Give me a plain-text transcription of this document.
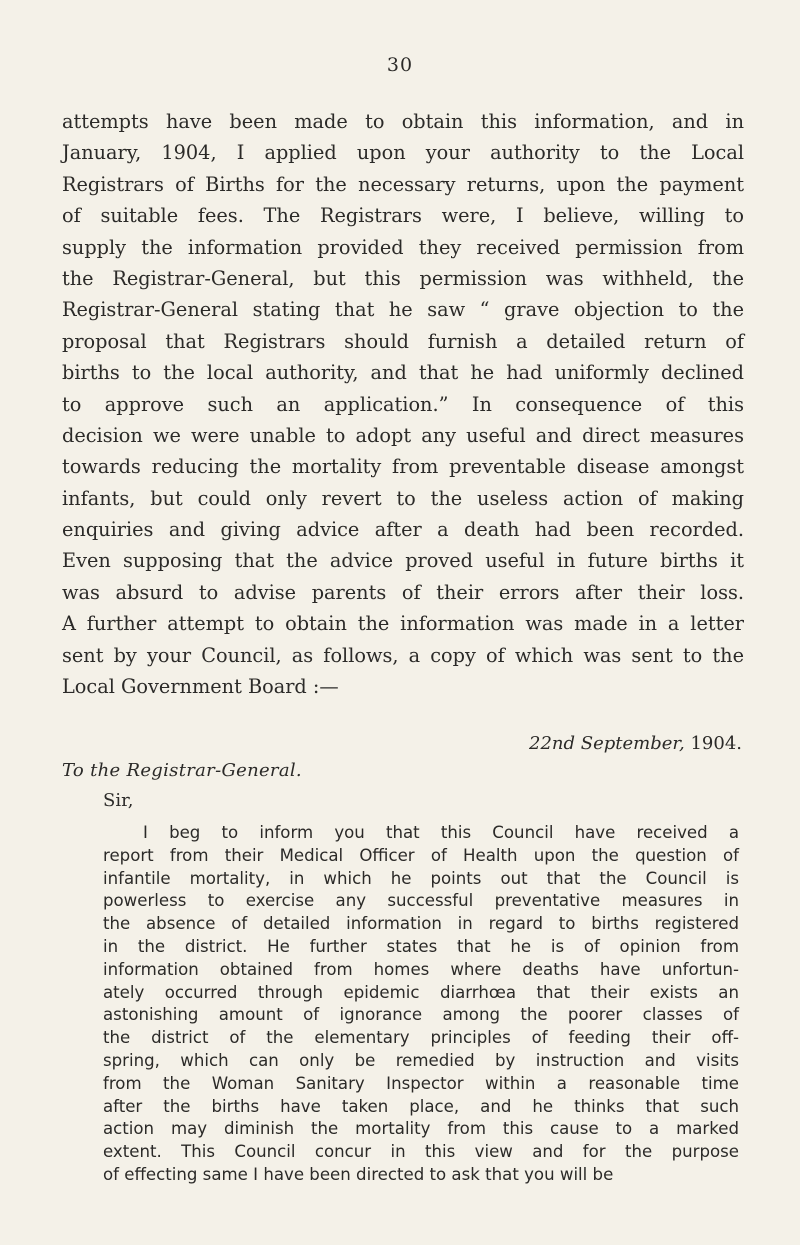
30
attempts have been made to obtain this information, and in
January, 1904, I applied upon your authority to the Local
Registrars of Births for the necessary returns, upon the payment
of suitable fees. The Registrars were, I believe, willing to
supply the information provided they received permission from
the Registrar-General, but this permission was withheld, the
Registrar-General stating that he saw “ grave objection to the
proposal that Registrars should furnish a detailed return of
births to the local authority, and that he had uniformly declined
to approve such an application.” In consequence of this
decision we were unable to adopt any useful and direct measures
towards reducing the mortality from preventable disease amongst
infants, but could only revert to the useless action of making
enquiries and giving advice after a death had been recorded.
Even supposing that the advice proved useful in future births it
was absurd to advise parents of their errors after their loss.
A further attempt to obtain the information was made in a letter
sent by your Council, as follows, a copy of which was sent to the
Local Government Board :—
22nd September, 1904.
To the Registrar-General.
Sir,
I beg to inform you that this Council have received a
report from their Medical Officer of Health upon the question of
infantile mortality, in which he points out that the Council is
powerless to exercise any successful preventative measures in
the absence of detailed information in regard to births registered
in the district. He further states that he is of opinion from
information obtained from homes where deaths have unfortun-
ately occurred through epidemic diarrhœa that their exists an
astonishing amount of ignorance among the poorer classes of
the district of the elementary principles of feeding their off-
spring, which can only be remedied by instruction and visits
from the Woman Sanitary Inspector within a reasonable time
after the births have taken place, and he thinks that such
action may diminish the mortality from this cause to a marked
extent. This Council concur in this view and for the purpose
of effecting same I have been directed to ask that you will be
